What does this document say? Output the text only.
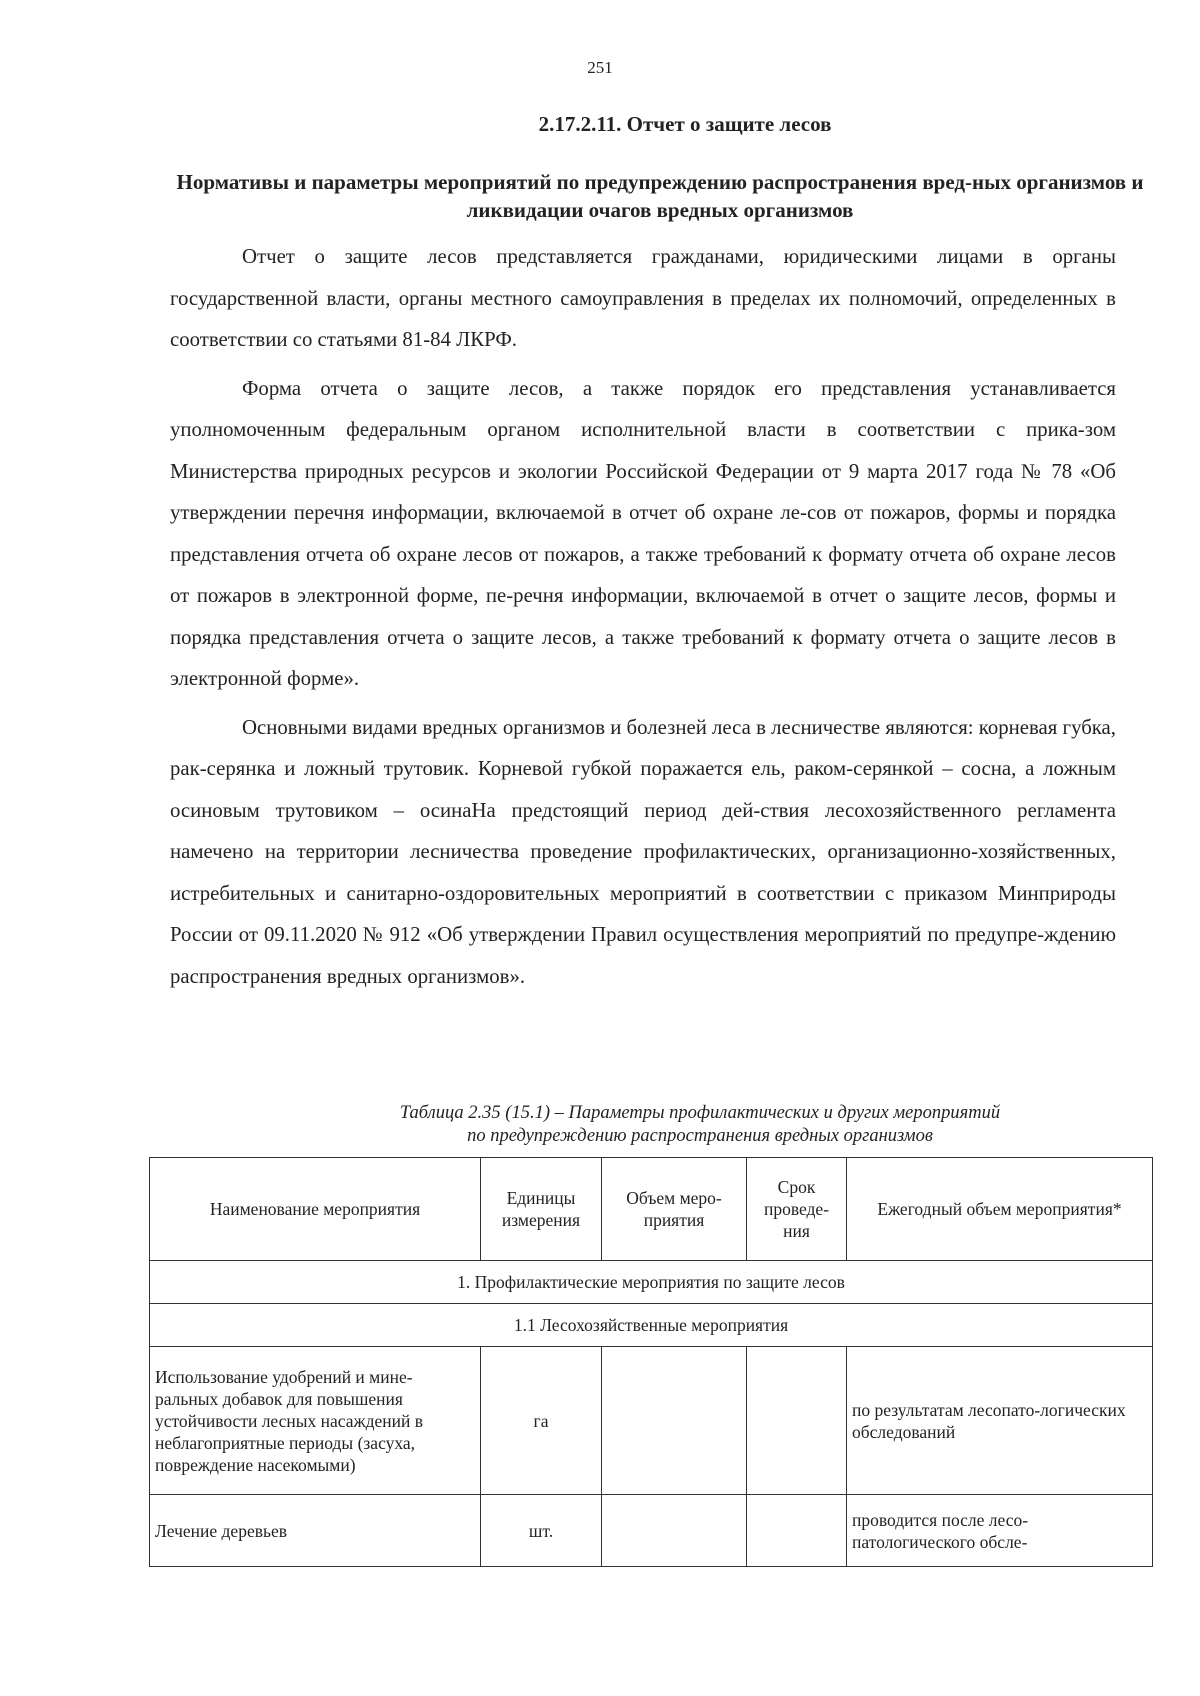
251
2.17.2.11. Отчет о защите лесов
Нормативы и параметры мероприятий по предупреждению распространения вред-ных организмов и ликвидации очагов вредных организмов

Отчет о защите лесов представляется гражданами, юридическими лицами в органы государственной власти, органы местного самоуправления в пределах их полномочий, определенных в соответствии со статьями 81-84 ЛКРФ.

Форма отчета о защите лесов, а также порядок его представления устанавливается уполномоченным федеральным органом исполнительной власти в соответствии с прика-зом Министерства природных ресурсов и экологии Российской Федерации от 9 марта 2017 года № 78 «Об утверждении перечня информации, включаемой в отчет об охране ле-сов от пожаров, формы и порядка представления отчета об охране лесов от пожаров, а также требований к формату отчета об охране лесов от пожаров в электронной форме, пе-речня информации, включаемой в отчет о защите лесов, формы и порядка представления отчета о защите лесов, а также требований к формату отчета о защите лесов в электронной форме».

Основными видами вредных организмов и болезней леса в лесничестве являются: корневая губка, рак-серянка и ложный трутовик. Корневой губкой поражается ель, раком-серянкой – сосна, а ложным осиновым трутовиком – осинаНа предстоящий период дей-ствия лесохозяйственного регламента намечено на территории лесничества проведение профилактических, организационно-хозяйственных, истребительных и санитарно-оздоровительных мероприятий в соответствии с приказом Минприроды России от 09.11.2020 № 912 «Об утверждении Правил осуществления мероприятий по предупре-ждению распространения вредных организмов».

Таблица 2.35 (15.1) – Параметры профилактических и других мероприятий
по предупреждению распространения вредных организмов
Наименование мероприятия	Единицы измерения	Объем меро-приятия	Срок проведе-ния	Ежегодный объем мероприятия*
1. Профилактические мероприятия по защите лесов				
1.1 Лесохозяйственные мероприятия				
Использование удобрений и мине-ральных добавок для повышения устойчивости лесных насаждений в неблагоприятные периоды (засуха, повреждение насекомыми)	га			по результатам лесопато-логических обследований
Лечение деревьев	шт.			проводится после лесо-патологического обсле-
